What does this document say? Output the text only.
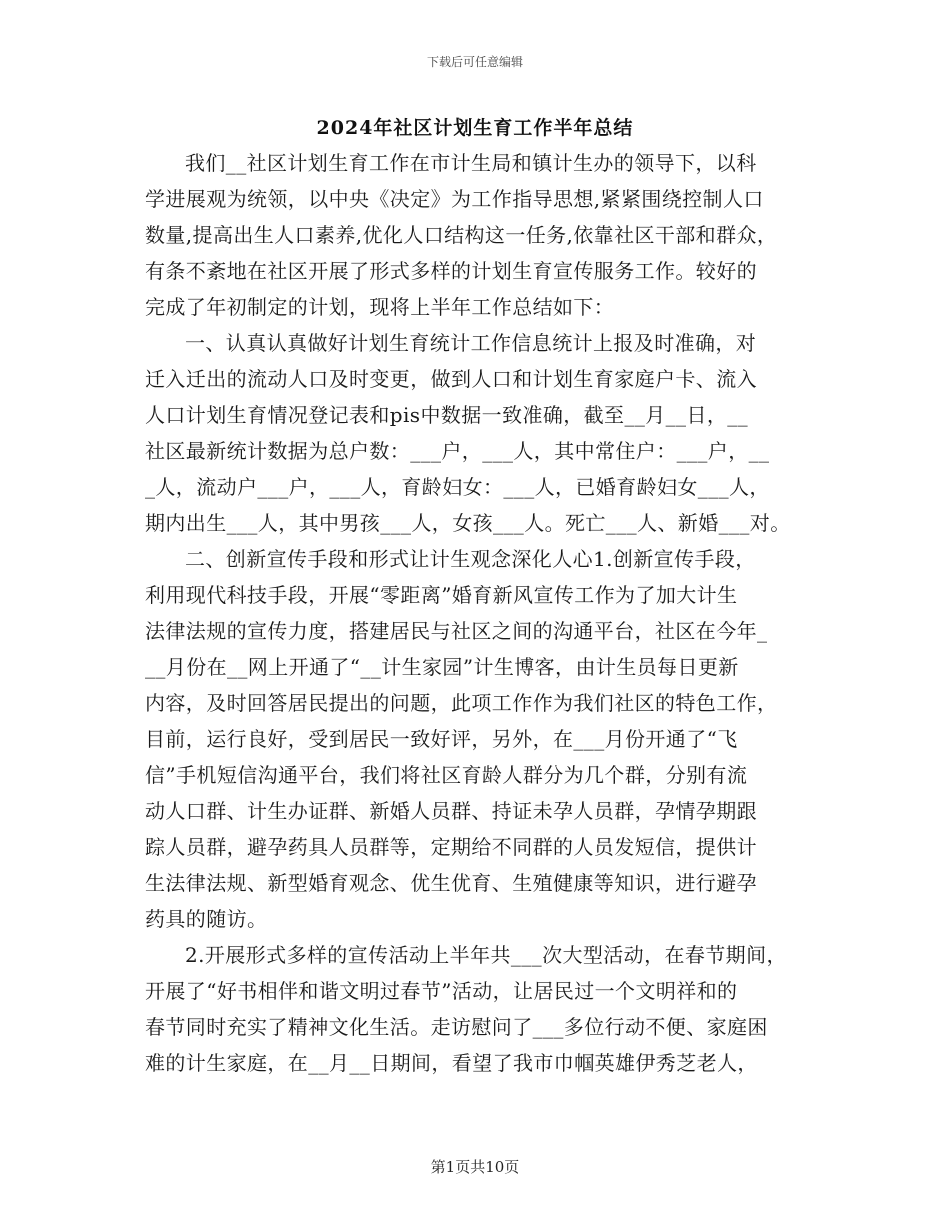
下载后可任意编辑
2024年社区计划生育工作半年总结
我们__社区计划生育工作在市计生局和镇计生办的领导下，以科
学进展观为统领，以中央《决定》为工作指导思想,紧紧围绕控制人口
数量,提高出生人口素养,优化人口结构这一任务,依靠社区干部和群众，
有条不紊地在社区开展了形式多样的计划生育宣传服务工作。较好的
完成了年初制定的计划，现将上半年工作总结如下：
一、认真认真做好计划生育统计工作信息统计上报及时准确，对
迁入迁出的流动人口及时变更，做到人口和计划生育家庭户卡、流入
人口计划生育情况登记表和pis中数据一致准确，截至__月__日，__
社区最新统计数据为总户数：___户，___人，其中常住户：___户，__
_人，流动户___户，___人，育龄妇女：___人，已婚育龄妇女___人，
期内出生___人，其中男孩___人，女孩___人。死亡___人、新婚___对。
二、创新宣传手段和形式让计生观念深化人心1.创新宣传手段，
利用现代科技手段，开展“零距离”婚育新风宣传工作为了加大计生
法律法规的宣传力度，搭建居民与社区之间的沟通平台，社区在今年_
__月份在__网上开通了“__计生家园”计生博客，由计生员每日更新
内容，及时回答居民提出的问题，此项工作作为我们社区的特色工作，
目前，运行良好，受到居民一致好评，另外，在___月份开通了“飞
信”手机短信沟通平台，我们将社区育龄人群分为几个群，分别有流
动人口群、计生办证群、新婚人员群、持证未孕人员群，孕情孕期跟
踪人员群，避孕药具人员群等，定期给不同群的人员发短信，提供计
生法律法规、新型婚育观念、优生优育、生殖健康等知识，进行避孕
药具的随访。
2.开展形式多样的宣传活动上半年共___次大型活动，在春节期间，
开展了“好书相伴和谐文明过春节”活动，让居民过一个文明祥和的
春节同时充实了精神文化生活。走访慰问了___多位行动不便、家庭困
难的计生家庭，在__月__日期间，看望了我市巾帼英雄伊秀芝老人，
第1页共10页
